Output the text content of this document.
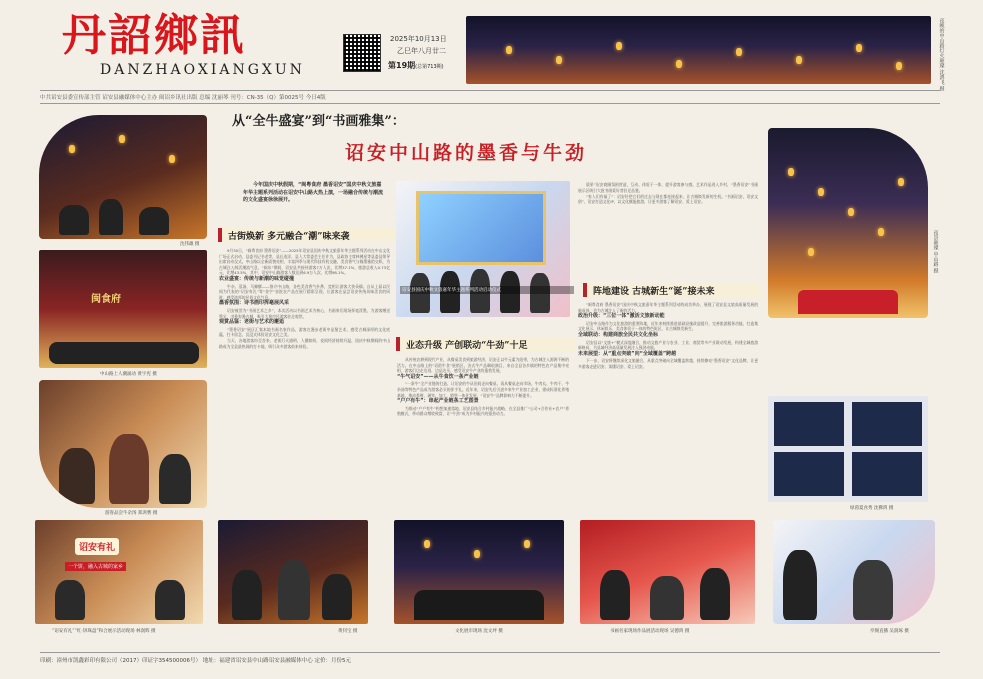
丹詔鄉訊
DANZHAOXIANGXUN
2025年10月13日
乙巳年八月廿二
第19期(总第713期)	夜晚的中山路灯火璀璨 沈鸿飞 摄
中共诏安县委宣传部主管 诏安县融媒体中心主办 闽诏乡讯社出版 总编 沈丽琴 刊号：CN-35（Q）第0025号 今日4版
从“全牛盛宴”到“书画雅集”：
诏安中山路的墨香与牛劲
沈伟雄 摄
闽食府
中山路上人潮涌动 黄宇宪 摄
游客品尝牛杂汤 郑鸿曹 摄
今年国庆中秋假期，“闽粤食府 墨香诏安”国庆中秋文旅嘉年华主题系列活动在诏安中山路火热上演，一场融合传统与潮流的文化盛宴徐徐展开。
古街焕新 多元融合“潮”味来袭

9月30日，“闽粤食府 墨香诏安”——2025年诏安县国庆中秋文旅嘉年华主题系列活动在中山文化广场正式启动，县委书记书老等，县长连洋，县人大常委会主任许为，县政协主席林佛星等县委县领导出席启动仪式。中山路以全新面貌亮相，丰富四季与现代科技有机交融，美食香气与翰墨雅韵交织，为古城注入鲜活潮流气息，“闽东”期间，诏安县共接待游客7万人次，比增37.1%，旅游总收入0.73亿元，比增43.5%，其中，诏安中山路游客人数达到6.9万人次，比增98.1%。

农业盛宴：传统与新潮的味觉碰撞

牛杂、蒸汤、马蹄酥——推介中山路，各色美食香气扑鼻，竞相让游客大快朵颐。自从上届以民间为代表的“诏安有礼”等“金字”首批农产品在展厅精彩呈现，让游客在品尝诏安传统风味美食的同时，感受浓厚的民俗文化气息。

墨香氛围：诗书画印挥毫展风采

诏安被誉为“书画艺术之乡”，本次活动以书画艺术为核心，书画家们现场挥毫泼墨，为游客赠送墨宝，书香弥漫古城，吸引大批市民游客驻足观赏。

观赏品鉴：老街与艺术的邂逅

“墨香诏安”展区汇集本地书画名家作品，游客在漫步老街中品鉴艺术，感受古城深厚的文化底蕴，打卡留念，沉浸式体验诏安文化之美。

当天，各地游客纷至沓来，老街灯火通明，人潮如织，夜间经济持续升温，国庆中秋期间的中山路成为全县最热闹的打卡地，吸引众多游客前来体验。

诏安县国庆中秋文旅嘉年华主题系列活动启动仪式
业态升级 产创联动“牛劲”十足

从传统农耕到现代产业，从餐桌美食到旅游经济，诏安正以牛元素为纽带，为古城注入源源不断的活力。在中山路上的“诏韵牛食”展销区，各式牛产品琳琅满目，来自全县各乡镇的特色农产品集中亮相，游客们边走边逛、边品边买，感受诏安牛产业的蓬勃发展。

“牛气诏安”——从牛食饮一条产业链

“一条牛”全产业链的打造，让诏安的牛从田间走向餐桌，再从餐桌走向市场，牛肉丸、牛肉干、牛杂汤等特色产品成为游客必买的伴手礼。近年来，诏安先后引进多家牛产业加工企业，建成标准化养殖基地，推动养殖、屠宰、加工、销售一体化发展，“诏安牛”品牌影响力不断提升。

“户户有牛”：串起产业链条工艺图景

为推动“户户有牛”构想加速落地，诏安县结合乡村振兴战略，在全县推广“公司+合作社+农户”养殖模式，带动群众增收致富，让“牛劲”成为乡村振兴的强劲动力。

晨景”诏安商圈氛围营造，互动、体验于一体，提升游客参与感。艺术作品进入乡村，“墨香诏安”书画展示区吸引大批书画爱好者驻足品鉴。

“家人们有福了”：诏安好把它们的过去与现在都连接起来，让古城焕发新的生机。“书画诏安，诏安文创”，诏安打造文化IP，以文化赋能旅游，让更多游客了解诏安、爱上诏安。

阵地建设 古城新生“诞”接未来

“闽粤食府 墨香诏安”国庆中秋文旅嘉年华主题系列活动的成功举办，展现了诏安县文旅高质量发展的新成效，也为古城注入了新的活力。

政治升级：“三位一体”激活文旅新动能

诏安中山路作为文化旅游的重要阵地，近年来持续推进基础设施改造提升，完善旅游服务功能，打造集文化展示、休闲娱乐、美食体验于一体的特色街区，让古城焕发新生。

全域联动：构建商旅全民共文化坐标

诏安县以“文旅+”模式深度融合，推动文旅产业与农业、工业、商贸等多产业联动发展，构建全域旅游新格局，为县域经济高质量发展注入强劲动能。

未来展望：从“重点突破”向“全域覆盖”跨越

下一步，诏安将继续深化文旅融合，从重点突破向全域覆盖跨越，持续擦亮“墨香诏安”文化品牌，让更多游客走进诏安、读懂诏安、爱上诏安。

夜景璀璨 中山路 摄
绿茵夏食秀 沈佛鸿 摄
诏安有礼
一个饼，融入古城的家乡
“诏安有礼”“红·饼珠盘”和合展示活动现场 林润辉 摄	黄钊宝 摄	文化展市现场 沈文坪 摄	书画名家现场作品展活动现场 吴德鸿 摄	亭阁直播 吴润琢 摄
印刷：漳州市凯鑫彩印有限公司（2017）印证字354500006号） 地址：福建省诏安县中山路诏安县融媒体中心 定价：月份5元
